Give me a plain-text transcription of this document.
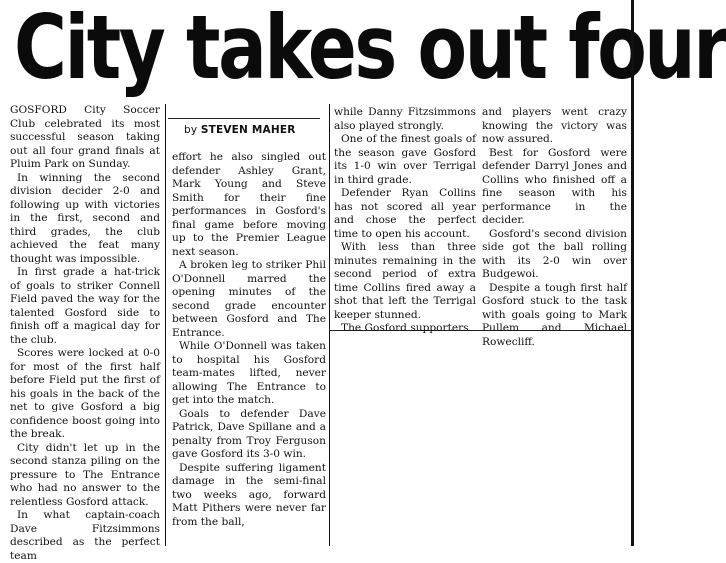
City takes out four
by STEVEN MAHER

GOSFORD City Soccer Club celebrated its most successful season taking out all four grand finals at Pluim Park on Sunday.

In winning the second division decider 2-0 and following up with victories in the first, second and third grades, the club achieved the feat many thought was impossible.

In first grade a hat-trick of goals to striker Connell Field paved the way for the talented Gosford side to finish off a magical day for the club.

Scores were locked at 0-0 for most of the first half before Field put the first of his goals in the back of the net to give Gosford a big confidence boost going into the break.

City didn't let up in the second stanza piling on the pressure to The Entrance who had no answer to the relentless Gosford attack.

In what captain-coach Dave Fitzsimmons described as the perfect team

effort he also singled out defender Ashley Grant, Mark Young and Steve Smith for their fine performances in Gosford's final game before moving up to the Premier League next season.

A broken leg to striker Phil O'Donnell marred the opening minutes of the second grade encounter between Gosford and The Entrance.

While O'Donnell was taken to hospital his Gosford team-mates lifted, never allowing The Entrance to get into the match.

Goals to defender Dave Patrick, Dave Spillane and a penalty from Troy Ferguson gave Gosford its 3-0 win.

Despite suffering ligament damage in the semi-final two weeks ago, forward Matt Pithers were never far from the ball,

while Danny Fitzsimmons also played strongly.

One of the finest goals of the season gave Gosford its 1-0 win over Terrigal in third grade.

Defender Ryan Collins has not scored all year and chose the perfect time to open his account.

With less than three minutes remaining in the second period of extra time Collins fired away a shot that left the Terrigal keeper stunned.

The Gosford supporters

and players went crazy knowing the victory was now assured.

Best for Gosford were defender Darryl Jones and Collins who finished off a fine season with his performance in the decider.

Gosford's second division side got the ball rolling with its 2-0 win over Budgewoi.

Despite a tough first half Gosford stuck to the task with goals going to Mark Pullem and Michael Rowecliff.
